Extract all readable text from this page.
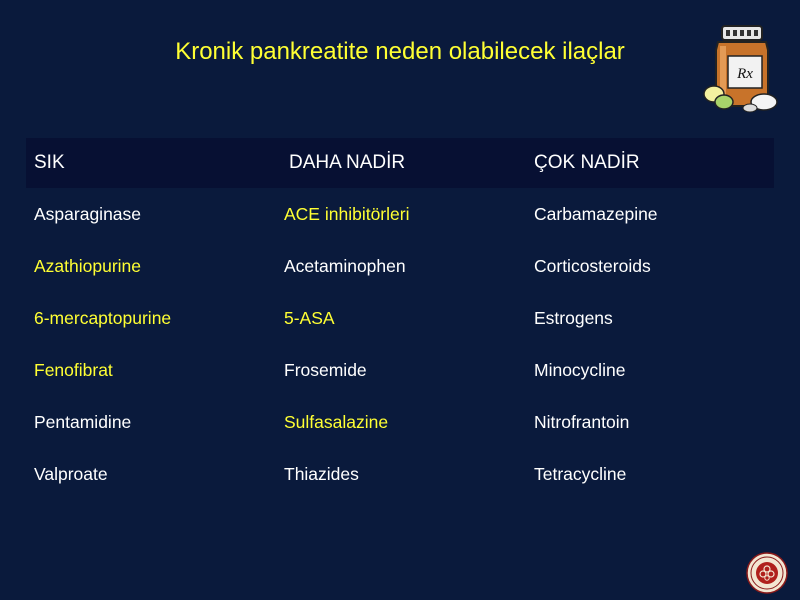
Kronik pankreatite neden olabilecek ilaçlar
Rx
SIK	DAHA NADİR	ÇOK NADİR
Asparaginase	ACE inhibitörleri	Carbamazepine
Azathiopurine	Acetaminophen	Corticosteroids
6-mercaptopurine	5-ASA	Estrogens
Fenofibrat	Frosemide	Minocycline
Pentamidine	Sulfasalazine	Nitrofrantoin
Valproate	Thiazides	Tetracycline
